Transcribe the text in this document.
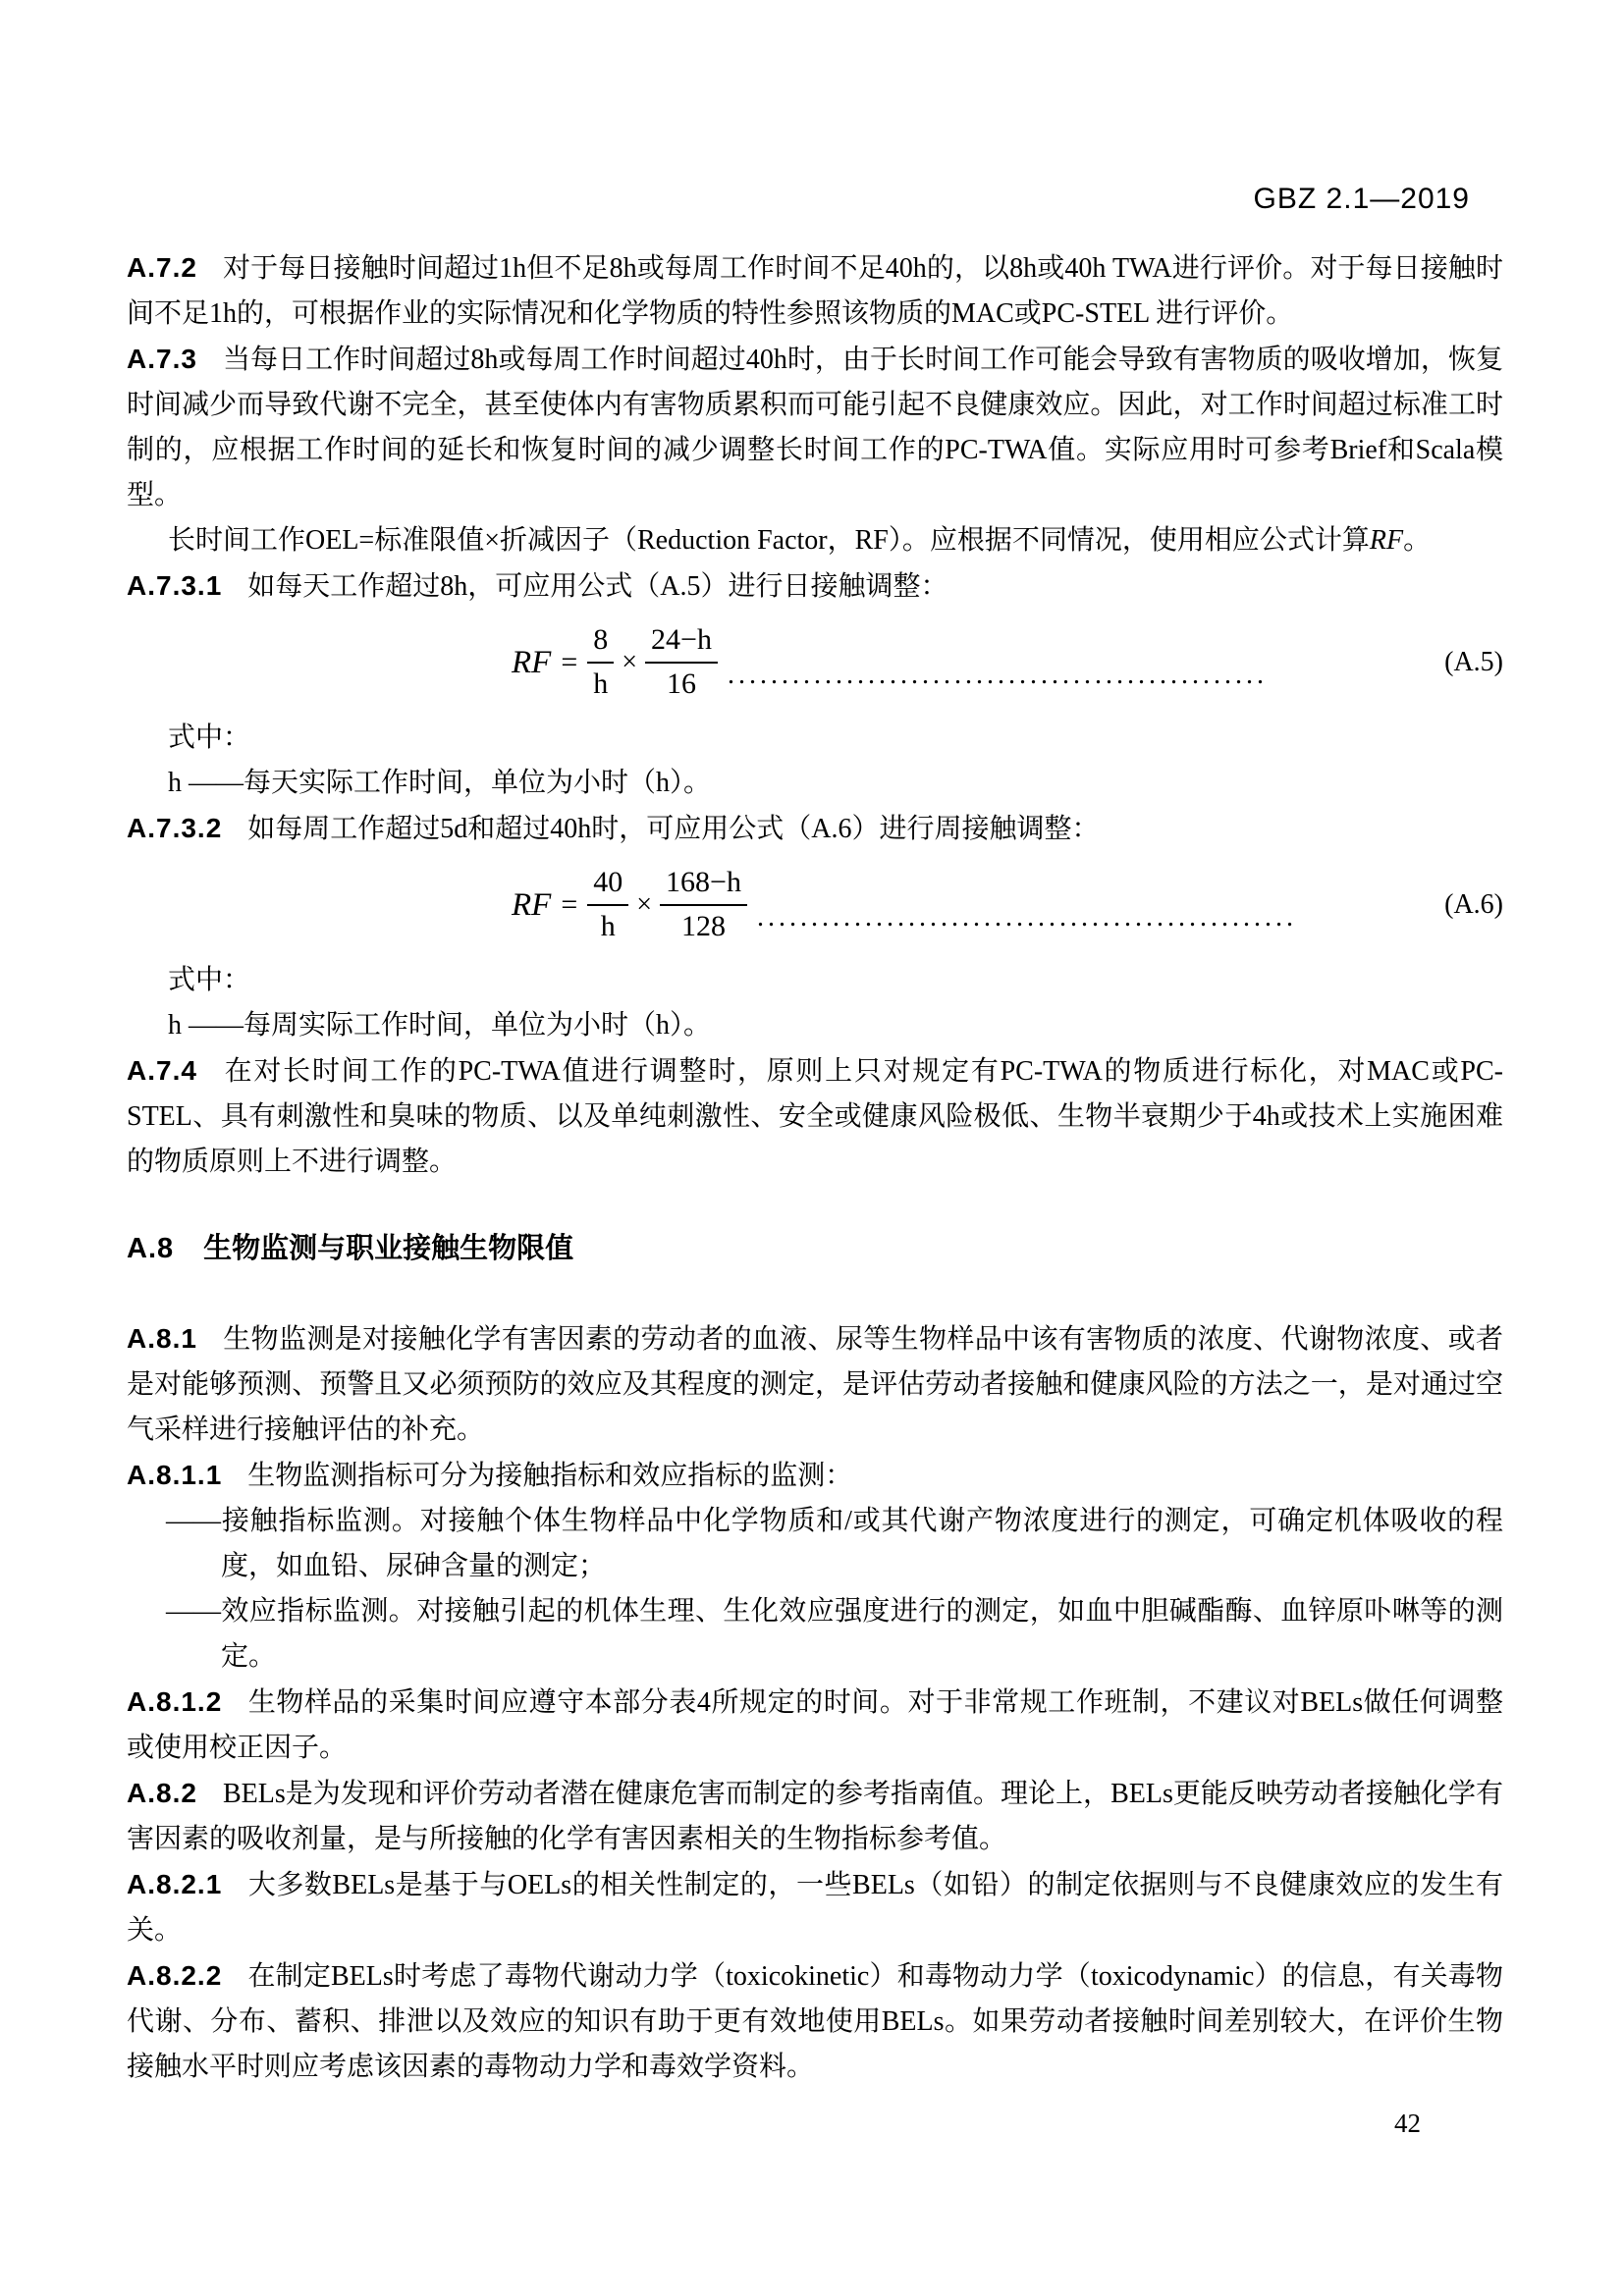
GBZ 2.1—2019

A.7.2 对于每日接触时间超过1h但不足8h或每周工作时间不足40h的，以8h或40h TWA进行评价。对于每日接触时间不足1h的，可根据作业的实际情况和化学物质的特性参照该物质的MAC或PC-STEL 进行评价。

A.7.3 当每日工作时间超过8h或每周工作时间超过40h时，由于长时间工作可能会导致有害物质的吸收增加，恢复时间减少而导致代谢不完全，甚至使体内有害物质累积而可能引起不良健康效应。因此，对工作时间超过标准工时制的，应根据工作时间的延长和恢复时间的减少调整长时间工作的PC-TWA值。实际应用时可参考Brief和Scala模型。

长时间工作OEL=标准限值×折减因子（Reduction Factor，RF）。应根据不同情况，使用相应公式计算RF。

A.7.3.1 如每天工作超过8h，可应用公式（A.5）进行日接触调整：

RF = $\frac{8}{h} \times \frac{24-h}{16}$ ..................................................	(A.5)

式中：

h ——每天实际工作时间，单位为小时（h）。

A.7.3.2 如每周工作超过5d和超过40h时，可应用公式（A.6）进行周接触调整：

RF = $\frac{40}{h} \times \frac{168-h}{128}$ ..................................................	(A.6)

式中：

h ——每周实际工作时间，单位为小时（h）。

A.7.4 在对长时间工作的PC-TWA值进行调整时，原则上只对规定有PC-TWA的物质进行标化，对MAC或PC-STEL、具有刺激性和臭味的物质、以及单纯刺激性、安全或健康风险极低、生物半衰期少于4h或技术上实施困难的物质原则上不进行调整。

A.8 生物监测与职业接触生物限值

A.8.1 生物监测是对接触化学有害因素的劳动者的血液、尿等生物样品中该有害物质的浓度、代谢物浓度、或者是对能够预测、预警且又必须预防的效应及其程度的测定，是评估劳动者接触和健康风险的方法之一，是对通过空气采样进行接触评估的补充。

A.8.1.1 生物监测指标可分为接触指标和效应指标的监测：

——接触指标监测。对接触个体生物样品中化学物质和/或其代谢产物浓度进行的测定，可确定机体吸收的程度，如血铅、尿砷含量的测定；

——效应指标监测。对接触引起的机体生理、生化效应强度进行的测定，如血中胆碱酯酶、血锌原卟啉等的测定。

A.8.1.2 生物样品的采集时间应遵守本部分表4所规定的时间。对于非常规工作班制，不建议对BELs做任何调整或使用校正因子。

A.8.2 BELs是为发现和评价劳动者潜在健康危害而制定的参考指南值。理论上，BELs更能反映劳动者接触化学有害因素的吸收剂量，是与所接触的化学有害因素相关的生物指标参考值。

A.8.2.1 大多数BELs是基于与OELs的相关性制定的，一些BELs（如铅）的制定依据则与不良健康效应的发生有关。

A.8.2.2 在制定BELs时考虑了毒物代谢动力学（toxicokinetic）和毒物动力学（toxicodynamic）的信息，有关毒物代谢、分布、蓄积、排泄以及效应的知识有助于更有效地使用BELs。如果劳动者接触时间差别较大，在评价生物接触水平时则应考虑该因素的毒物动力学和毒效学资料。

42
